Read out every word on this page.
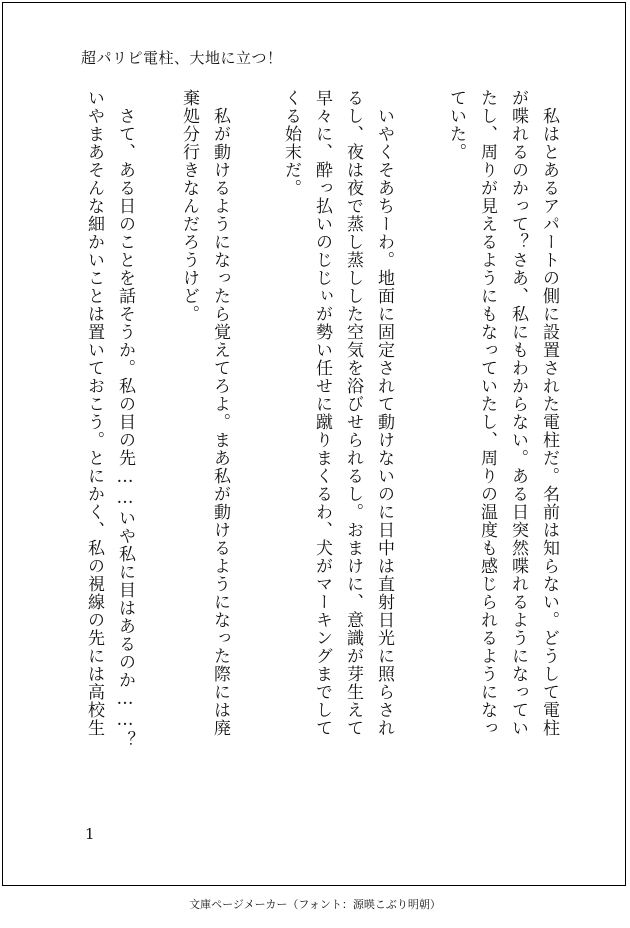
超パリピ電柱、大地に立つ！
　私はとあるアパートの側に設置された電柱だ。名前は知らない。どうして電柱
が喋れるのかって？さあ、私にもわからない。ある日突然喋れるようになってい
たし、周りが見えるようにもなっていたし、周りの温度も感じられるようになっ
ていた。
　いやくそあちーわ。地面に固定されて動けないのに日中は直射日光に照らされ
るし、夜は夜で蒸し蒸しした空気を浴びせられるし。おまけに、意識が芽生えて
早々に、酔っ払いのじじぃが勢い任せに蹴りまくるわ、犬がマーキングまでして
くる始末だ。
　私が動けるようになったら覚えてろよ。まあ私が動けるようになった際には廃
棄処分行きなんだろうけど。
　さて、ある日のことを話そうか。私の目の先……いや私に目はあるのか……？
いやまあそんな細かいことは置いておこう。とにかく、私の視線の先には高校生
1
文庫ページメーカー（フォント：源暎こぶり明朝）
